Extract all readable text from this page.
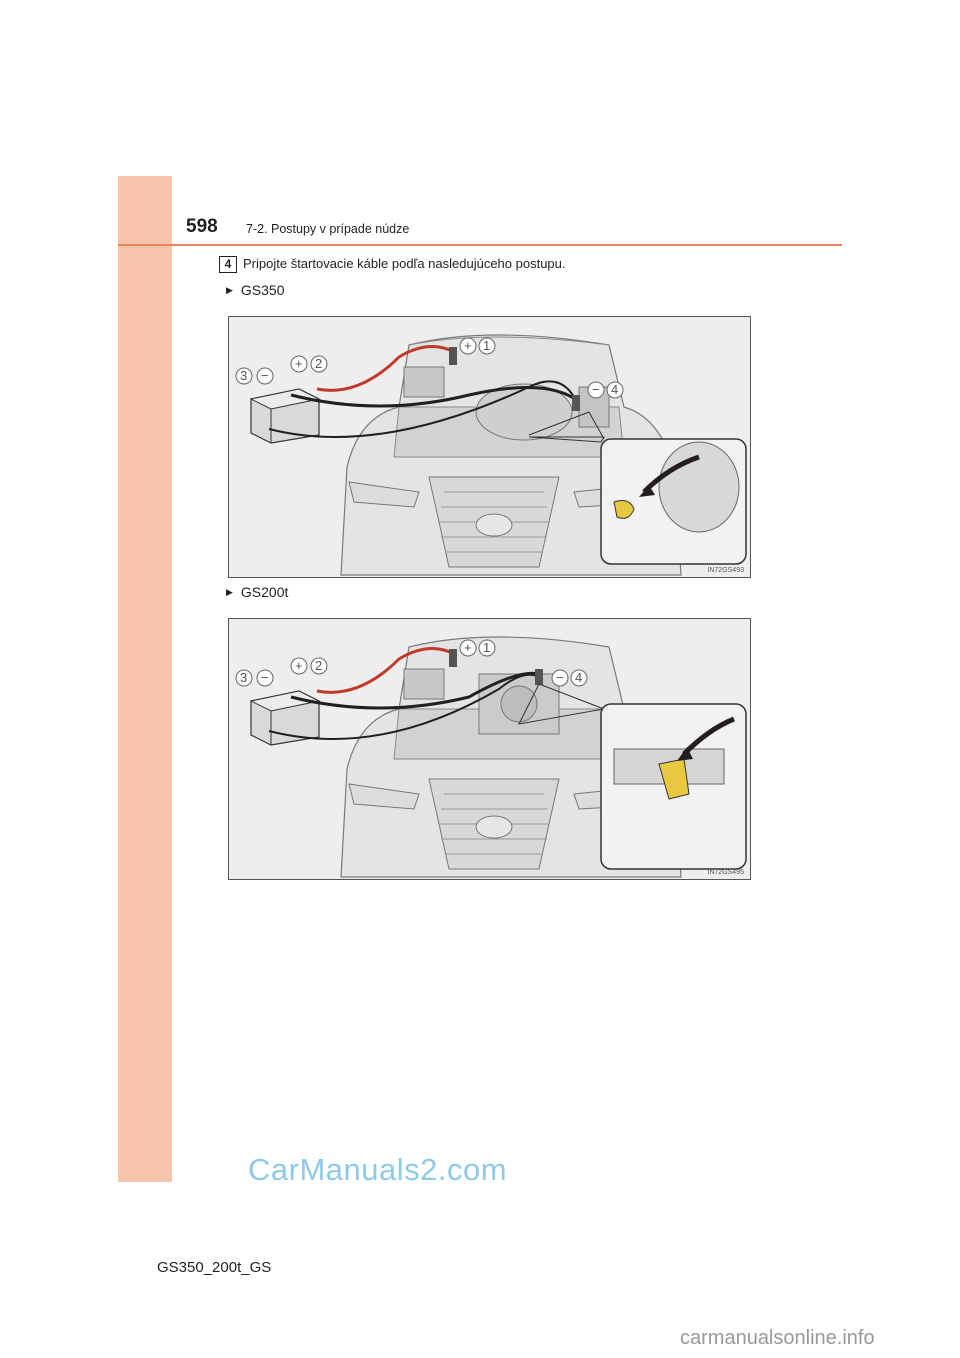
598 7-2. Postupy v prípade núdze
4 Pripojte štartovacie káble podľa nasledujúceho postupu.
▶ GS350
+ 1
+ 2
3 −
− 4
IN72GS493
▶ GS200t
+ 1
+ 2
3 −	− 4
IN72GS495
CarManuals2.com
GS350_200t_GS
carmanualsonline.info
